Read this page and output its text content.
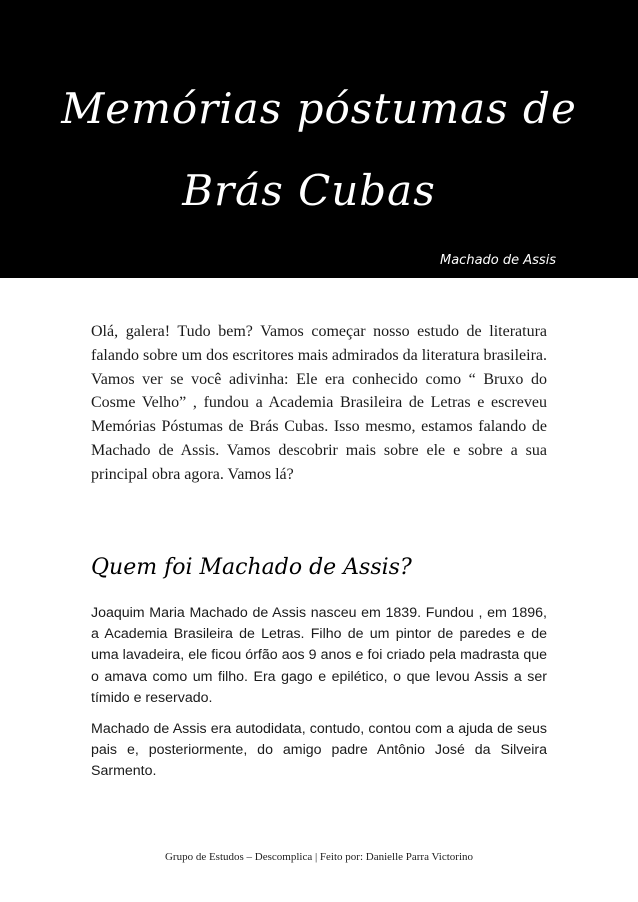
Memórias póstumas de
Brás Cubas
Machado de Assis

Olá, galera! Tudo bem? Vamos começar nosso estudo de literatura falando sobre um dos escritores mais admirados da literatura brasileira. Vamos ver se você adivinha: Ele era conhecido como “ Bruxo do Cosme Velho” , fundou a Academia Brasileira de Letras e escreveu Memórias Póstumas de Brás Cubas. Isso mesmo, estamos falando de Machado de Assis. Vamos descobrir mais sobre ele e sobre a sua principal obra agora. Vamos lá?

Quem foi Machado de Assis?

Joaquim Maria Machado de Assis nasceu em 1839. Fundou , em 1896, a Academia Brasileira de Letras. Filho de um pintor de paredes e de uma lavadeira, ele ficou órfão aos 9 anos e foi criado pela madrasta que o amava como um filho. Era gago e epilético, o que levou Assis a ser tímido e reservado.

Machado de Assis era autodidata, contudo, contou com a ajuda de seus pais e, posteriormente, do amigo padre Antônio José da Silveira Sarmento.

Grupo de Estudos – Descomplica | Feito por: Danielle Parra Victorino
